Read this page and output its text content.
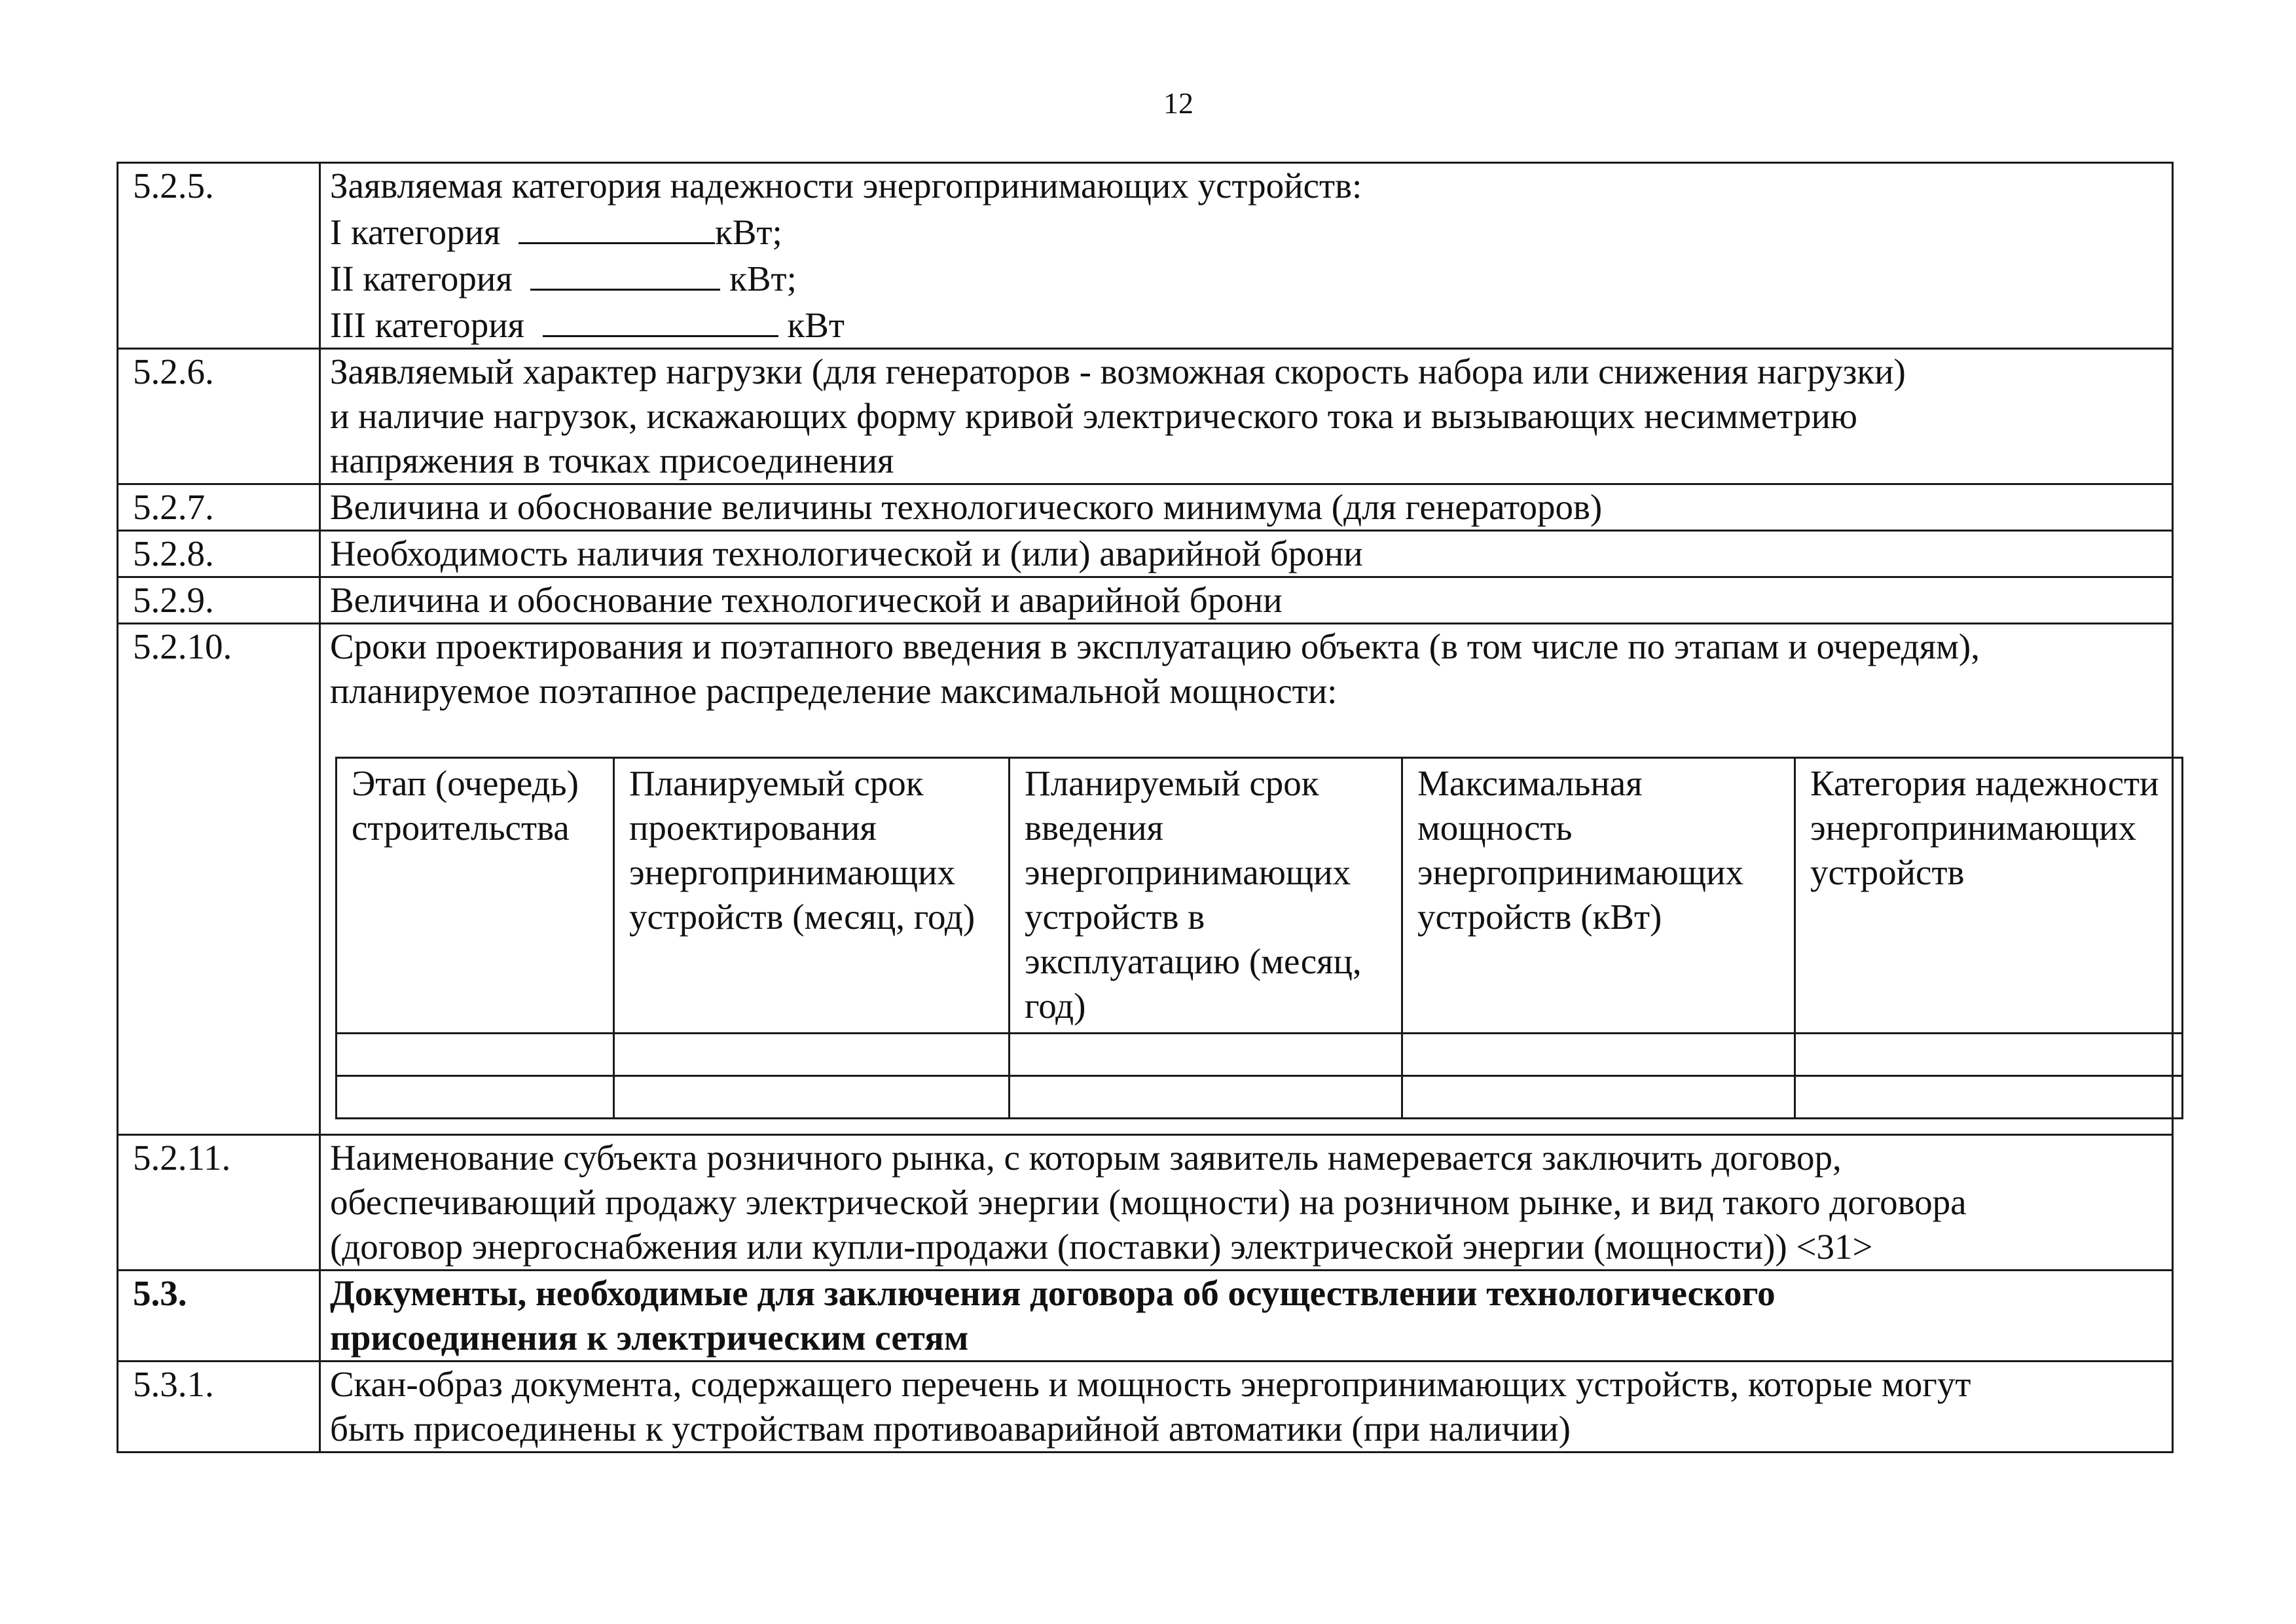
12
5.2.5.	Заявляемая категория надежности энергопринимающих устройств:
I категория	кВт;
II категория	кВт;
III категория	кВт

5.2.6.	Заявляемый характер нагрузки (для генераторов - возможная скорость набора или снижения нагрузки)
и наличие нагрузок, искажающих форму кривой электрического тока и вызывающих несимметрию
напряжения в точках присоединения

5.2.7.	Величина и обоснование величины технологического минимума (для генераторов)

5.2.8.	Необходимость наличия технологической и (или) аварийной брони

5.2.9.	Величина и обоснование технологической и аварийной брони

5.2.10.	Сроки проектирования и поэтапного введения в эксплуатацию объекта (в том числе по этапам и очередям),
планируемое поэтапное распределение максимальной мощности:
Этап (очередь) строительства	Планируемый срок проектирования энергопринимающих устройств (месяц, год)	Планируемый срок введения энергопринимающих устройств в эксплуатацию (месяц, год)	Максимальная мощность энергопринимающих устройств (кВт)	Категория надежности энергопринимающих устройств

5.2.11.	Наименование субъекта розничного рынка, с которым заявитель намеревается заключить договор,
обеспечивающий продажу электрической энергии (мощности) на розничном рынке, и вид такого договора
(договор энергоснабжения или купли-продажи (поставки) электрической энергии (мощности)) <31>

5.3.	Документы, необходимые для заключения договора об осуществлении технологического
присоединения к электрическим сетям

5.3.1.	Скан-образ документа, содержащего перечень и мощность энергопринимающих устройств, которые могут
быть присоединены к устройствам противоаварийной автоматики (при наличии)
